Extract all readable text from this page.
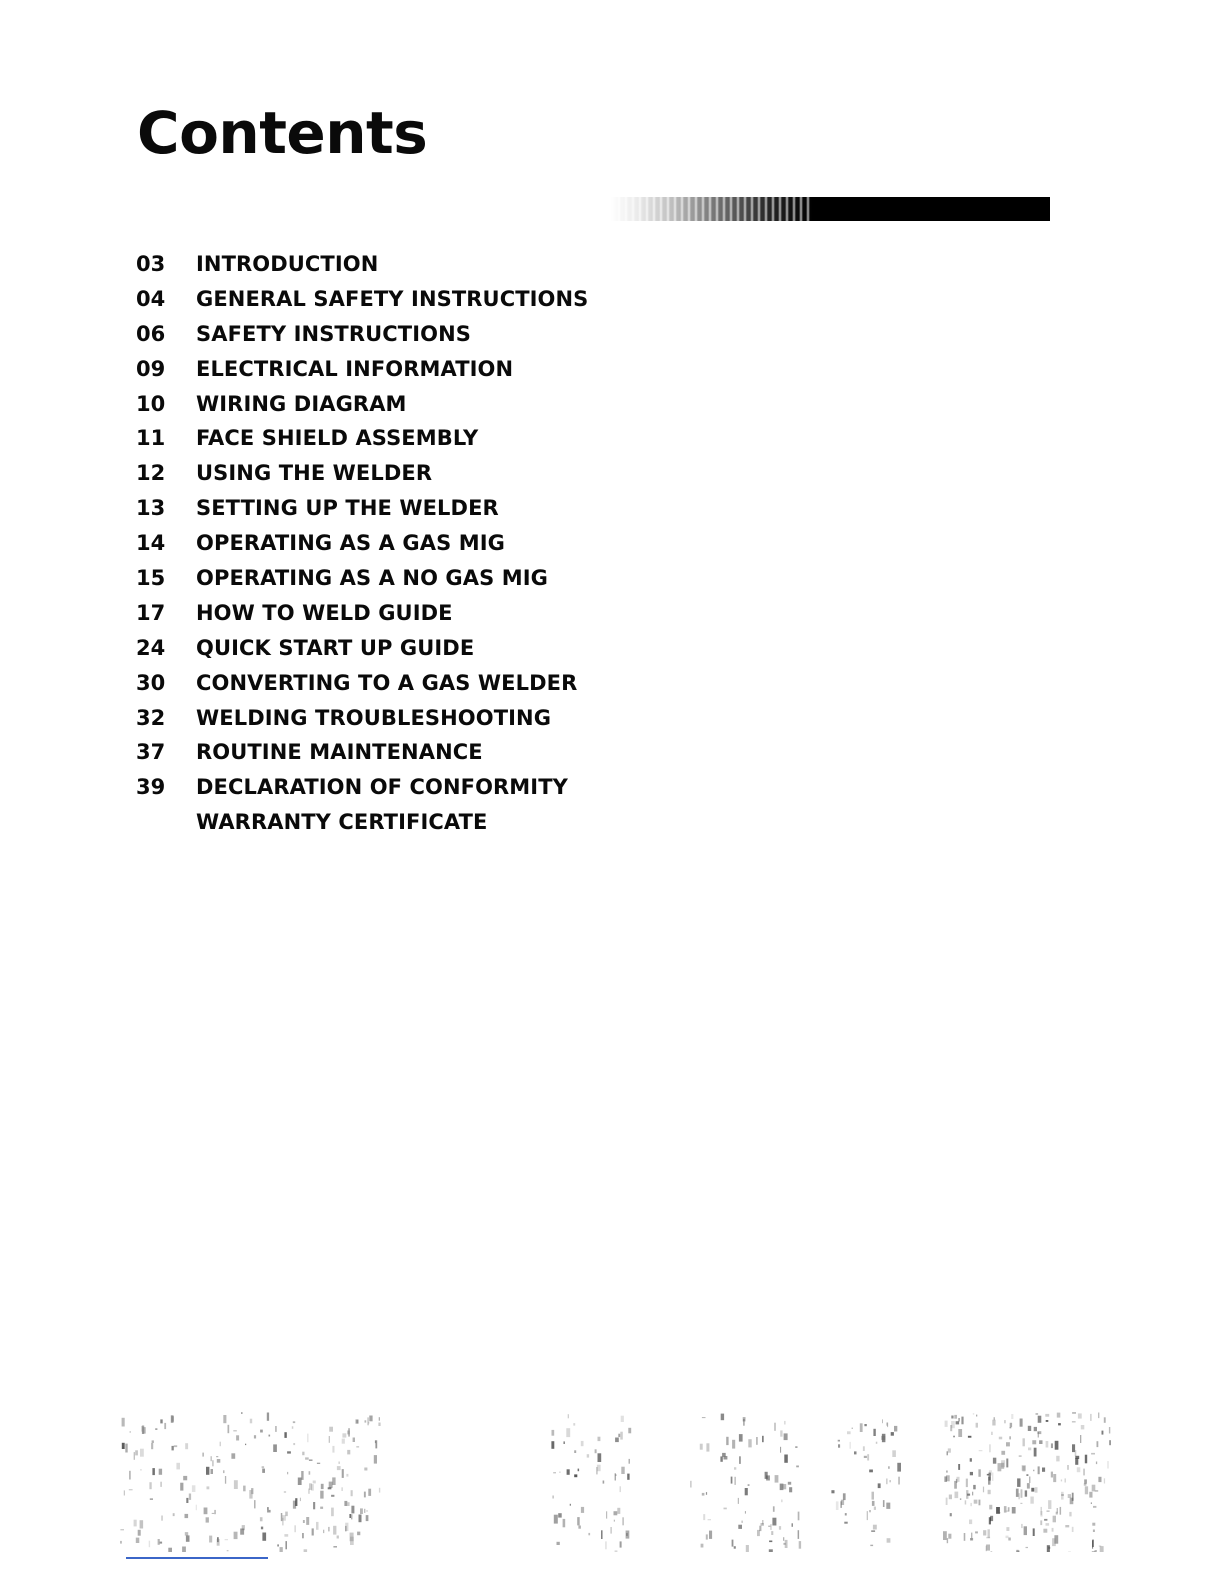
Contents
03	INTRODUCTION
04	GENERAL SAFETY INSTRUCTIONS
06	SAFETY INSTRUCTIONS
09	ELECTRICAL INFORMATION
10	WIRING DIAGRAM
11	FACE SHIELD ASSEMBLY
12	USING THE WELDER
13	SETTING UP THE WELDER
14	OPERATING AS A GAS MIG
15	OPERATING AS A NO GAS MIG
17	HOW TO WELD GUIDE
24	QUICK START UP GUIDE
30	CONVERTING TO A GAS WELDER
32	WELDING TROUBLESHOOTING
37	ROUTINE MAINTENANCE
39	DECLARATION OF CONFORMITY
WARRANTY CERTIFICATE
